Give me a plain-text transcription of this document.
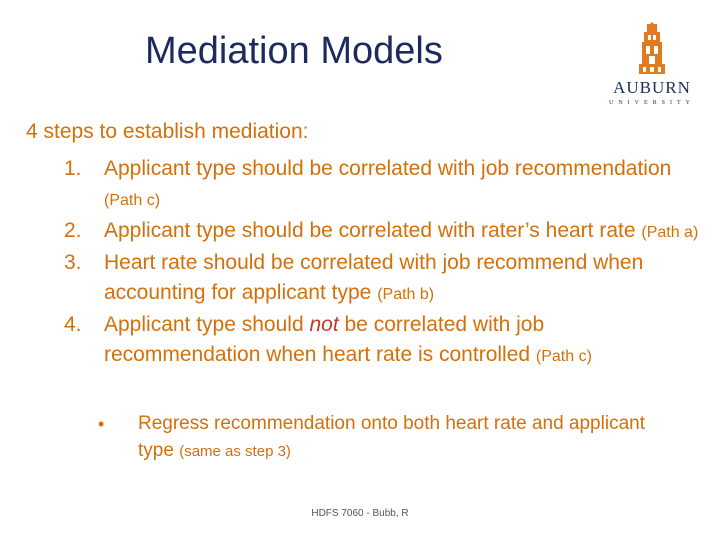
Mediation Models
AUBURN
UNIVERSITY
4 steps to establish mediation:
1. Applicant type should be correlated with job recommendation (Path c)
2. Applicant type should be correlated with rater’s heart rate (Path a)
3. Heart rate should be correlated with job recommend when accounting for applicant type (Path b)
4. Applicant type should not be correlated with job recommendation when heart rate is controlled (Path c)
• Regress recommendation onto both heart rate and applicant type (same as step 3)
HDFS 7060 - Bubb, R
